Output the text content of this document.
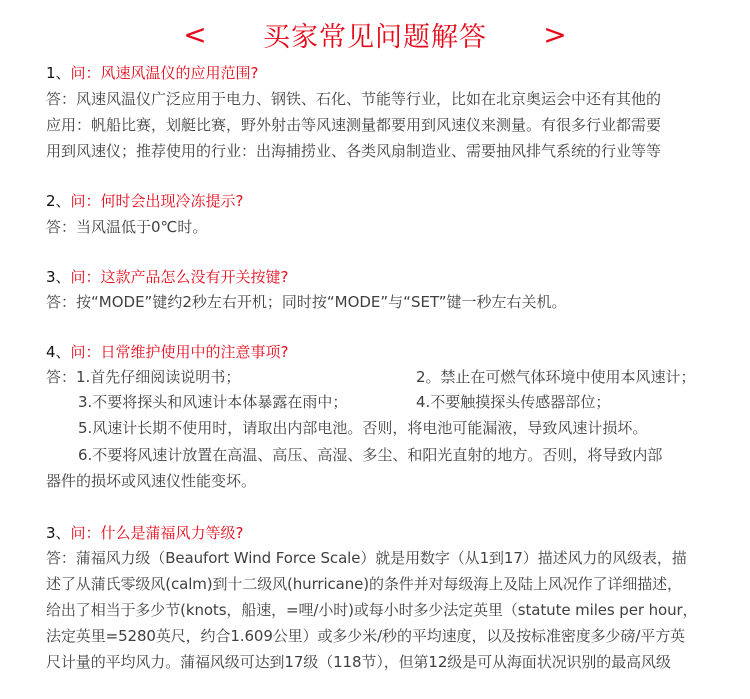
<	买家常见问题解答	>
1、问：风速风温仪的应用范围?
答：风速风温仪广泛应用于电力、钢铁、石化、节能等行业，比如在北京奥运会中还有其他的
应用：帆船比赛，划艇比赛，野外射击等风速测量都要用到风速仪来测量。有很多行业都需要
用到风速仪；推荐使用的行业：出海捕捞业、各类风扇制造业、需要抽风排气系统的行业等等
2、问：何时会出现冷冻提示?
答：当风温低于0℃时。
3、问：这款产品怎么没有开关按键?
答：按“MODE”键约2秒左右开机；同时按“MODE”与“SET”键一秒左右关机。
4、问：日常维护使用中的注意事项?
答：1.首先仔细阅读说明书；	2。禁止在可燃气体环境中使用本风速计；
3.不要将探头和风速计本体暴露在雨中；	4.不要触摸探头传感器部位；
5.风速计长期不使用时，请取出内部电池。否则，将电池可能漏液，导致风速计损坏。
6.不要将风速计放置在高温、高压、高湿、多尘、和阳光直射的地方。否则，将导致内部
器件的损坏或风速仪性能变坏。
3、问：什么是蒲福风力等级?
答：蒲福风力级（Beaufort Wind Force Scale）就是用数字（从1到17）描述风力的风级表，描
述了从蒲氏零级风(calm)到十二级风(hurricane)的条件并对每级海上及陆上风况作了详细描述，
给出了相当于多少节(knots，船速，=哩/小时)或每小时多少法定英里（statute miles per hour，
法定英里=5280英尺，约合1.609公里）或多少米/秒的平均速度，以及按标准密度多少磅/平方英
尺计量的平均风力。蒲福风级可达到17级（118节），但第12级是可从海面状况识别的最高风级
